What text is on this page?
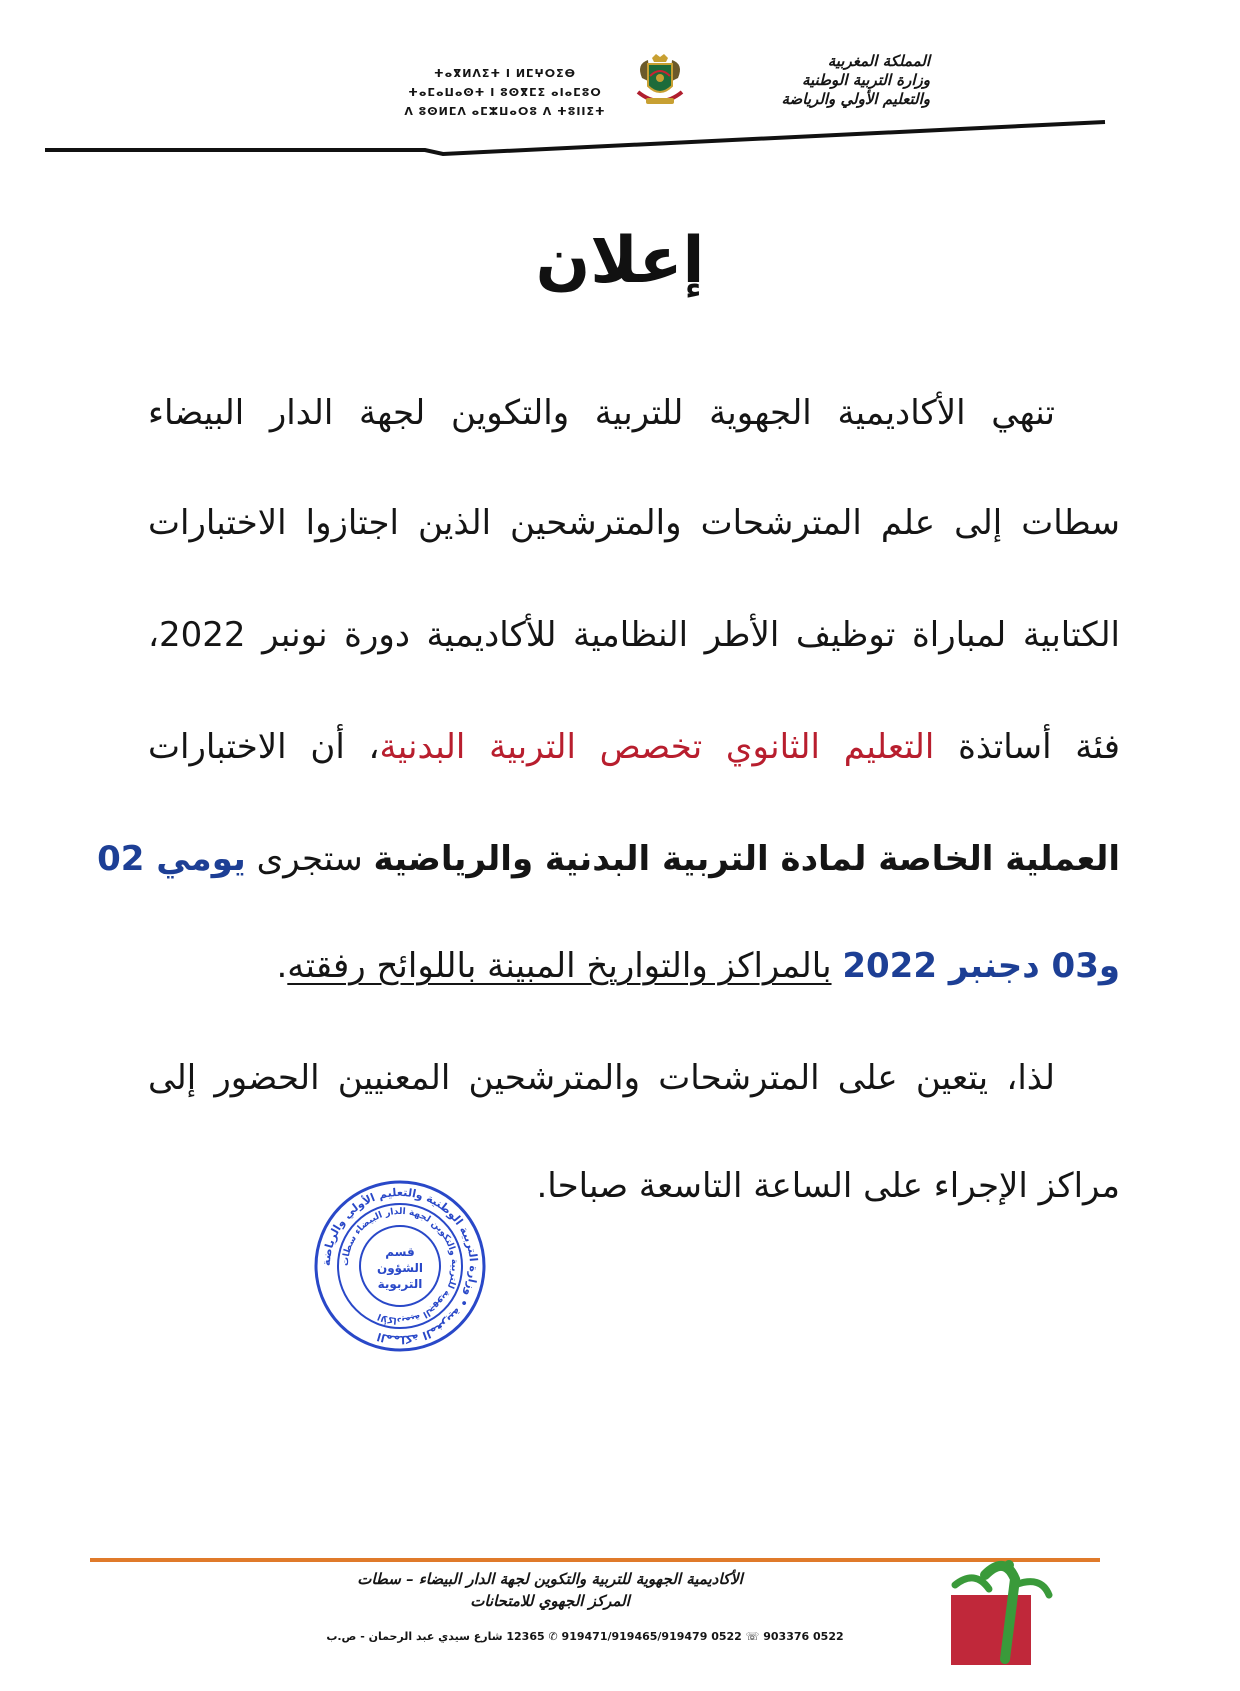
المملكة المغربية
وزارة التربية الوطنية
والتعليم الأولي والرياضة
ⵜⴰⴳⵍⴷⵉⵜ ⵏ ⵍⵎⵖⵔⵉⴱ
ⵜⴰⵎⴰⵡⴰⵙⵜ ⵏ ⵓⵙⴳⵎⵉ ⴰⵏⴰⵎⵓⵔ
ⴷ ⵓⵙⵍⵎⴷ ⴰⵎⵣⵡⴰⵔⵓ ⴷ ⵜⵓⵏⵏⵉⵜ
إعلان
تنهي الأكاديمية الجهوية للتربية والتكوين لجهة الدار البيضاء
سطات إلى علم المترشحات والمترشحين الذين اجتازوا الاختبارات
الكتابية لمباراة توظيف الأطر النظامية للأكاديمية دورة نونبر 2022،
فئة أساتذة التعليم الثانوي تخصص التربية البدنية، أن الاختبارات
العملية الخاصة لمادة التربية البدنية والرياضية ستجرى يومي 02
و03 دجنبر 2022 بالمراكز والتواريخ المبينة باللوائح رفقته.
لذا، يتعين على المترشحات والمترشحين المعنيين الحضور إلى
مراكز الإجراء على الساعة التاسعة صباحا.
المملكة المغربية • وزارة التربية الوطنية والتعليم الأولي والرياضة
الأكاديمية الجهوية للتربية والتكوين لجهة الدار البيضاء سطات
قسم
الشؤون
التربوية
الأكاديمية الجهوية للتربية والتكوين لجهة الدار البيضاء – سطات
المركز الجهوي للامتحانات
0522 903376 ☏ 0522 919471/919465/919479 ✆ 12365 شارع سيدي عبد الرحمان - ص.ب
